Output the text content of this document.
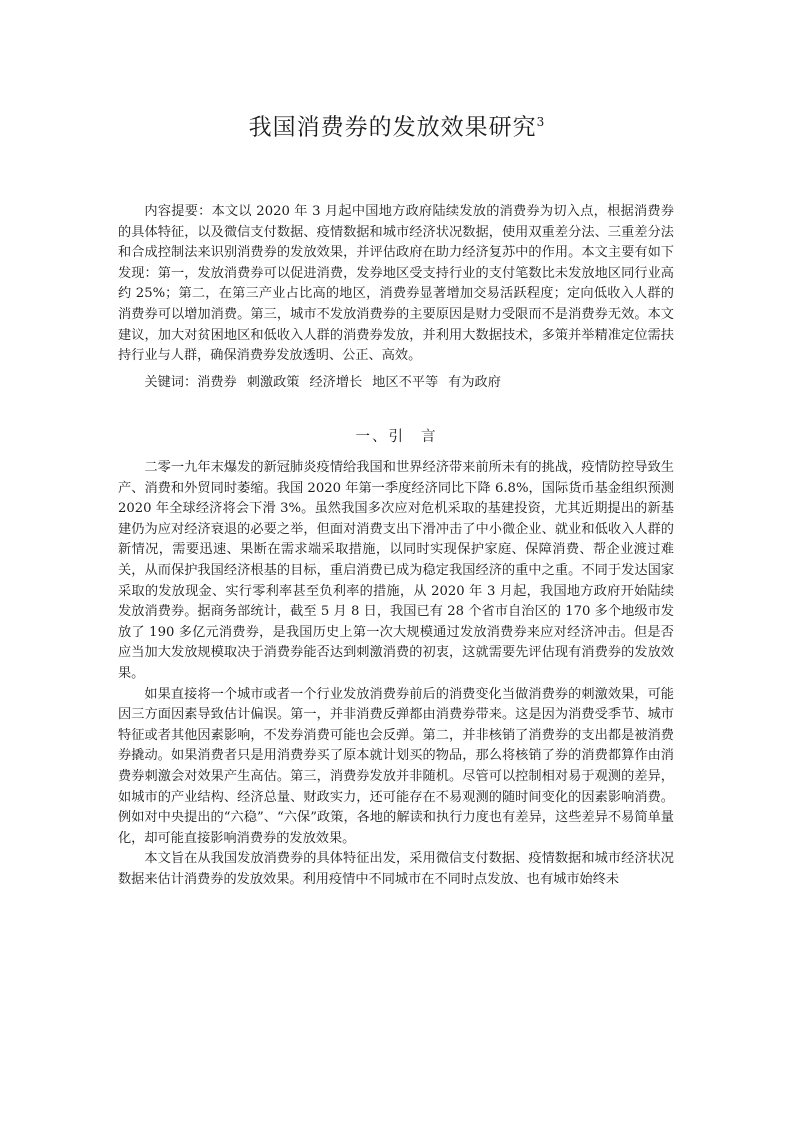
我国消费券的发放效果研究$^3$

内容提要：本文以 2020 年 3 月起中国地方政府陆续发放的消费券为切入点，根据消费券的具体特征，以及微信支付数据、疫情数据和城市经济状况数据，使用双重差分法、三重差分法和合成控制法来识别消费券的发放效果，并评估政府在助力经济复苏中的作用。本文主要有如下发现：第一，发放消费券可以促进消费，发券地区受支持行业的支付笔数比未发放地区同行业高约 25%；第二，在第三产业占比高的地区，消费券显著增加交易活跃程度；定向低收入人群的消费券可以增加消费。第三，城市不发放消费券的主要原因是财力受限而不是消费券无效。本文建议，加大对贫困地区和低收入人群的消费券发放，并利用大数据技术，多策并举精准定位需扶持行业与人群，确保消费券发放透明、公正、高效。

关键词：消费券 刺激政策 经济增长 地区不平等 有为政府
一、引 言

二零一九年末爆发的新冠肺炎疫情给我国和世界经济带来前所未有的挑战，疫情防控导致生产、消费和外贸同时萎缩。我国 2020 年第一季度经济同比下降 6.8%，国际货币基金组织预测 2020 年全球经济将会下滑 3%。虽然我国多次应对危机采取的基建投资，尤其近期提出的新基建仍为应对经济衰退的必要之举，但面对消费支出下滑冲击了中小微企业、就业和低收入人群的新情况，需要迅速、果断在需求端采取措施，以同时实现保护家庭、保障消费、帮企业渡过难关，从而保护我国经济根基的目标，重启消费已成为稳定我国经济的重中之重。不同于发达国家采取的发放现金、实行零利率甚至负利率的措施，从 2020 年 3 月起，我国地方政府开始陆续发放消费券。据商务部统计，截至 5 月 8 日，我国已有 28 个省市自治区的 170 多个地级市发放了 190 多亿元消费券，是我国历史上第一次大规模通过发放消费券来应对经济冲击。但是否应当加大发放规模取决于消费券能否达到刺激消费的初衷，这就需要先评估现有消费券的发放效果。

如果直接将一个城市或者一个行业发放消费券前后的消费变化当做消费券的刺激效果，可能因三方面因素导致估计偏误。第一，并非消费反弹都由消费券带来。这是因为消费受季节、城市特征或者其他因素影响，不发券消费可能也会反弹。第二，并非核销了消费券的支出都是被消费券撬动。如果消费者只是用消费券买了原本就计划买的物品，那么将核销了券的消费都算作由消费券刺激会对效果产生高估。第三，消费券发放并非随机。尽管可以控制相对易于观测的差异，如城市的产业结构、经济总量、财政实力，还可能存在不易观测的随时间变化的因素影响消费。例如对中央提出的“六稳”、“六保”政策，各地的解读和执行力度也有差异，这些差异不易简单量化，却可能直接影响消费券的发放效果。

本文旨在从我国发放消费券的具体特征出发，采用微信支付数据、疫情数据和城市经济状况数据来估计消费券的发放效果。利用疫情中不同城市在不同时点发放、也有城市始终未
